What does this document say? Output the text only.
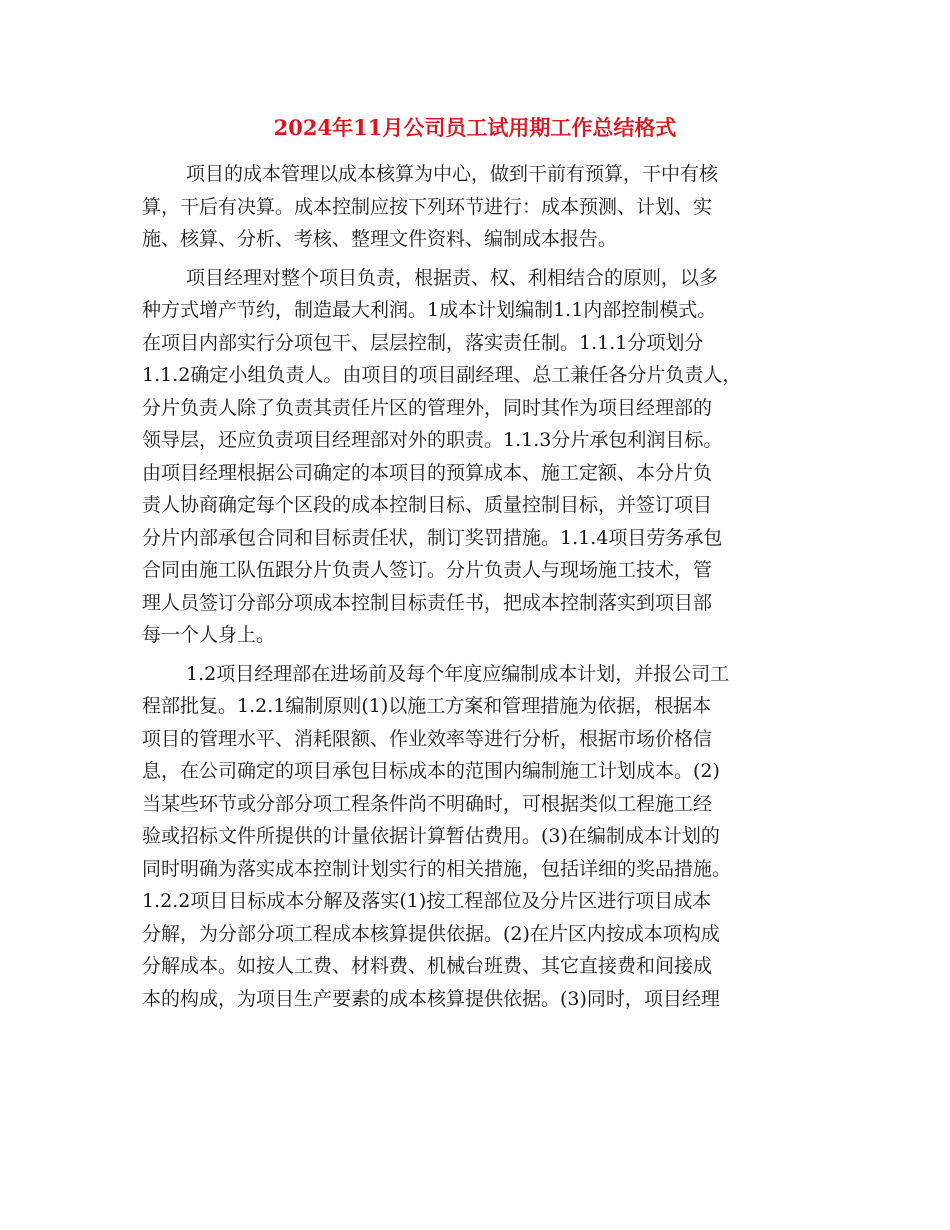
2024年11月公司员工试用期工作总结格式
项目的成本管理以成本核算为中心，做到干前有预算，干中有核
算，干后有决算。成本控制应按下列环节进行：成本预测、计划、实
施、核算、分析、考核、整理文件资料、编制成本报告。
项目经理对整个项目负责，根据责、权、利相结合的原则，以多
种方式增产节约，制造最大利润。1成本计划编制1.1内部控制模式。
在项目内部实行分项包干、层层控制，落实责任制。1.1.1分项划分
1.1.2确定小组负责人。由项目的项目副经理、总工兼任各分片负责人，
分片负责人除了负责其责任片区的管理外，同时其作为项目经理部的
领导层，还应负责项目经理部对外的职责。1.1.3分片承包利润目标。
由项目经理根据公司确定的本项目的预算成本、施工定额、本分片负
责人协商确定每个区段的成本控制目标、质量控制目标，并签订项目
分片内部承包合同和目标责任状，制订奖罚措施。1.1.4项目劳务承包
合同由施工队伍跟分片负责人签订。分片负责人与现场施工技术，管
理人员签订分部分项成本控制目标责任书，把成本控制落实到项目部
每一个人身上。
1.2项目经理部在进场前及每个年度应编制成本计划，并报公司工
程部批复。1.2.1编制原则(1)以施工方案和管理措施为依据，根据本
项目的管理水平、消耗限额、作业效率等进行分析，根据市场价格信
息，在公司确定的项目承包目标成本的范围内编制施工计划成本。(2)
当某些环节或分部分项工程条件尚不明确时，可根据类似工程施工经
验或招标文件所提供的计量依据计算暂估费用。(3)在编制成本计划的
同时明确为落实成本控制计划实行的相关措施，包括详细的奖品措施。
1.2.2项目目标成本分解及落实(1)按工程部位及分片区进行项目成本
分解，为分部分项工程成本核算提供依据。(2)在片区内按成本项构成
分解成本。如按人工费、材料费、机械台班费、其它直接费和间接成
本的构成，为项目生产要素的成本核算提供依据。(3)同时，项目经理
